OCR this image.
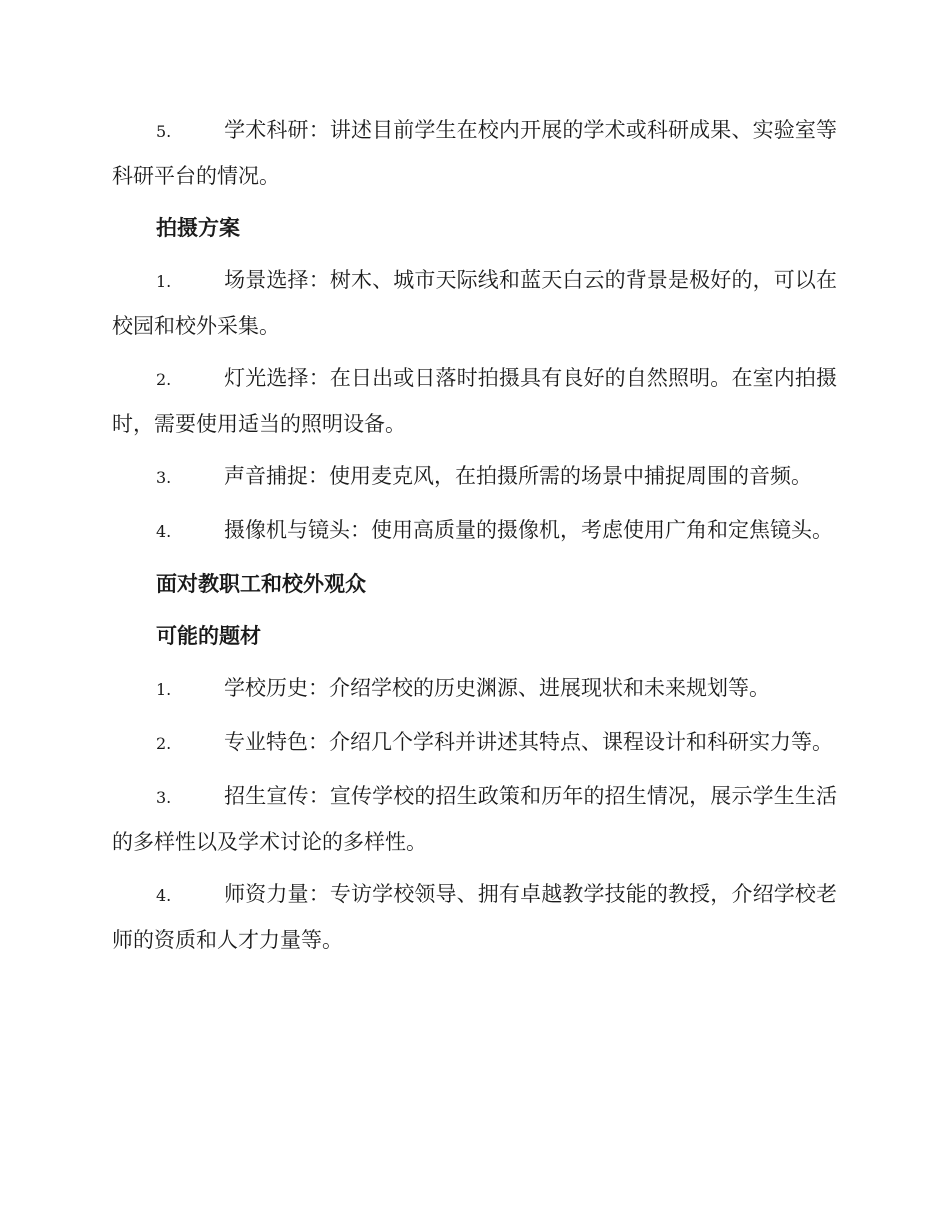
5.	学术科研：讲述目前学生在校内开展的学术或科研成果、实验室等科研平台的情况。

拍摄方案

1.	场景选择：树木、城市天际线和蓝天白云的背景是极好的，可以在校园和校外采集。

2.	灯光选择：在日出或日落时拍摄具有良好的自然照明。在室内拍摄时，需要使用适当的照明设备。

3.	声音捕捉：使用麦克风，在拍摄所需的场景中捕捉周围的音频。

4.	摄像机与镜头：使用高质量的摄像机，考虑使用广角和定焦镜头。

面对教职工和校外观众

可能的题材

1.	学校历史：介绍学校的历史渊源、进展现状和未来规划等。

2.	专业特色：介绍几个学科并讲述其特点、课程设计和科研实力等。

3.	招生宣传：宣传学校的招生政策和历年的招生情况，展示学生生活的多样性以及学术讨论的多样性。

4.	师资力量：专访学校领导、拥有卓越教学技能的教授，介绍学校老师的资质和人才力量等。
